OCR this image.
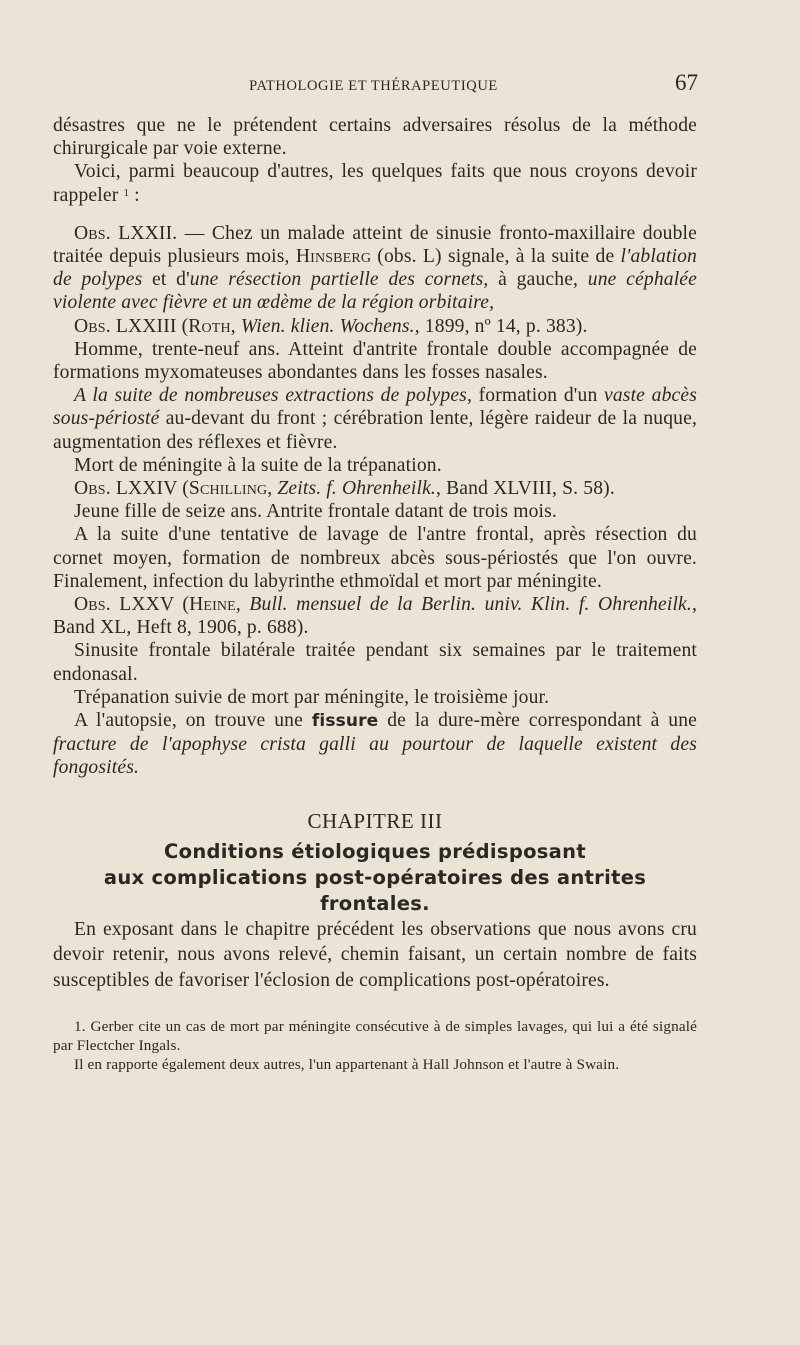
PATHOLOGIE ET THÉRAPEUTIQUE	67

désastres que ne le prétendent certains adversaires résolus de la méthode chirurgicale par voie externe.

Voici, parmi beaucoup d'autres, les quelques faits que nous croyons devoir rappeler $^1$ :

Obs. LXXII. — Chez un malade atteint de sinusie fronto-maxillaire double traitée depuis plusieurs mois, Hinsberg (obs. L) signale, à la suite de l'ablation de polypes et d'une résection partielle des cornets, à gauche, une céphalée violente avec fièvre et un œdème de la région orbitaire,

Obs. LXXIII (Roth, Wien. klien. Wochens., 1899, nº 14, p. 383).

Homme, trente-neuf ans. Atteint d'antrite frontale double accompagnée de formations myxomateuses abondantes dans les fosses nasales.

A la suite de nombreuses extractions de polypes, formation d'un vaste abcès sous-périosté au-devant du front ; cérébration lente, légère raideur de la nuque, augmentation des réflexes et fièvre.

Mort de méningite à la suite de la trépanation.

Obs. LXXIV (Schilling, Zeits. f. Ohrenheilk., Band XLVIII, S. 58).

Jeune fille de seize ans. Antrite frontale datant de trois mois.

A la suite d'une tentative de lavage de l'antre frontal, après résection du cornet moyen, formation de nombreux abcès sous-périostés que l'on ouvre. Finalement, infection du labyrinthe ethmoïdal et mort par méningite.

Obs. LXXV (Heine, Bull. mensuel de la Berlin. univ. Klin. f. Ohrenheilk., Band XL, Heft 8, 1906, p. 688).

Sinusite frontale bilatérale traitée pendant six semaines par le traitement endonasal.

Trépanation suivie de mort par méningite, le troisième jour.

A l'autopsie, on trouve une fissure de la dure-mère correspondant à une fracture de l'apophyse crista galli au pourtour de laquelle existent des fongosités.

CHAPITRE III
Conditions étiologiques prédisposant
aux complications post-opératoires des antrites
frontales.

En exposant dans le chapitre précédent les observations que nous avons cru devoir retenir, nous avons relevé, chemin faisant, un certain nombre de faits susceptibles de favoriser l'éclosion de complications post-opératoires.

1. Gerber cite un cas de mort par méningite consécutive à de simples lavages, qui lui a été signalé par Flectcher Ingals.

Il en rapporte également deux autres, l'un appartenant à Hall Johnson et l'autre à Swain.
